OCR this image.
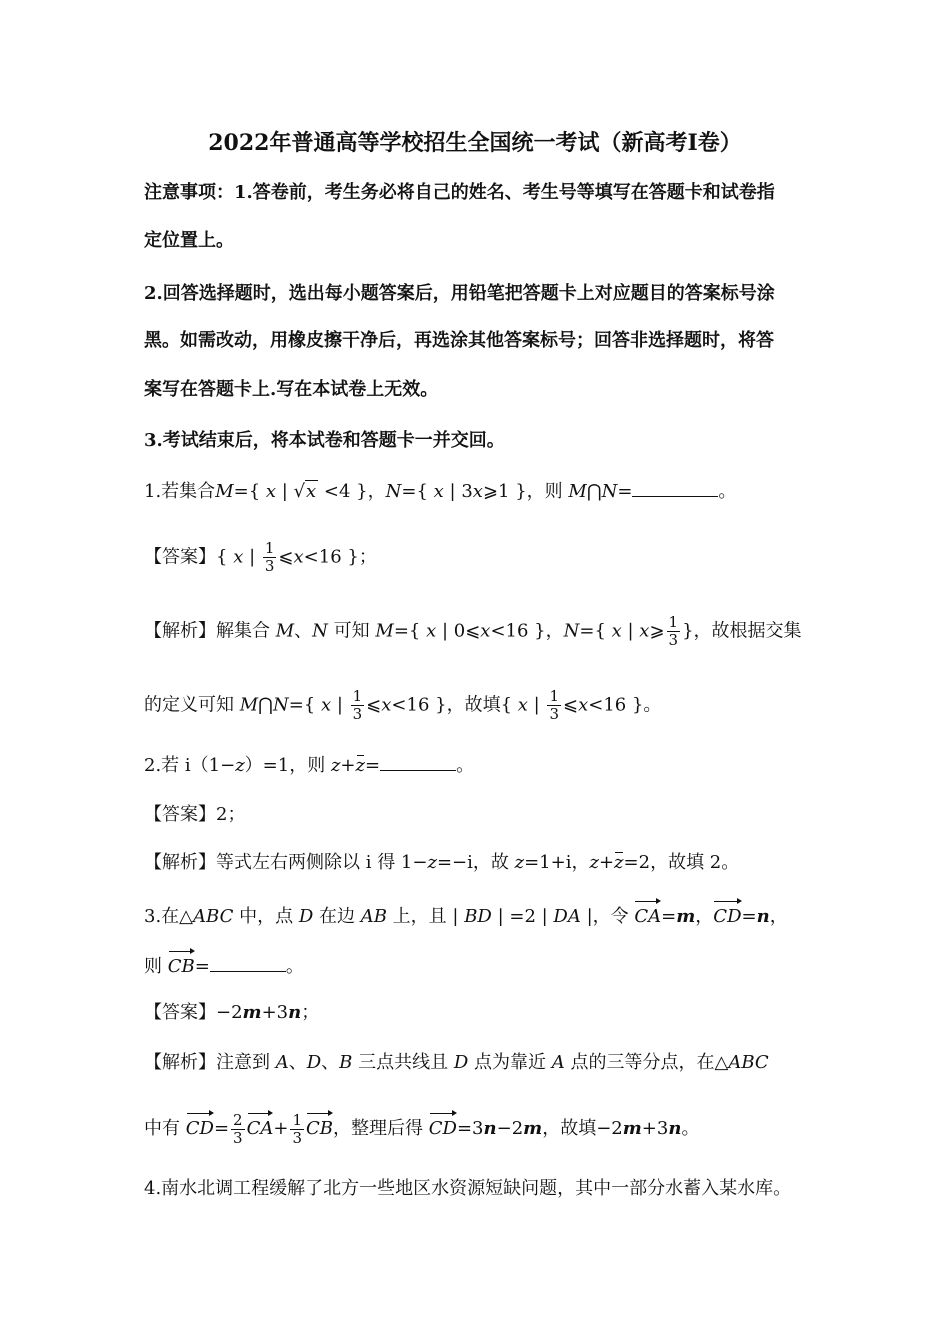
2022年普通高等学校招生全国统一考试（新高考Ⅰ卷）
注意事项：1.答卷前，考生务必将自己的姓名、考生号等填写在答题卡和试卷指
定位置上。
2.回答选择题时，选出每小题答案后，用铅笔把答题卡上对应题目的答案标号涂
黑。如需改动，用橡皮擦干净后，再选涂其他答案标号；回答非选择题时，将答
案写在答题卡上.写在本试卷上无效。
3.考试结束后，将本试卷和答题卡一并交回。
1.若集合M={ x | √x <4 }，N={ x | 3x⩾1 }，则 M⋂N=	。
【答案】{ x | $\frac{1}{3}$ ⩽x<16 }；
【解析】解集合 M、N 可知 M={ x | 0⩽x<16 }，N={ x | x⩾ $\frac{1}{3}$ }，故根据交集
的定义可知 M⋂N={ x | $\frac{1}{3}$ ⩽x<16 }，故填{ x | $\frac{1}{3}$ ⩽x<16 }。
2.若 i（1−z）=1，则 z+z=	。
【答案】2；
【解析】等式左右两侧除以 i 得 1−z=−i，故 z=1+i，z+z=2，故填 2。
3.在△ABC 中，点 D 在边 AB 上，且 | BD | =2 | DA |，令 CA=m，CD=n，
则 CB=	。
【答案】−2m+3n；
【解析】注意到 A、D、B 三点共线且 D 点为靠近 A 点的三等分点，在△ABC
中有 $CD= \frac{2}{3} CA+ \frac{1}{3}$ CB，整理后得 CD=3n−2m，故填−2m+3n。
4.南水北调工程缓解了北方一些地区水资源短缺问题，其中一部分水蓄入某水库。
